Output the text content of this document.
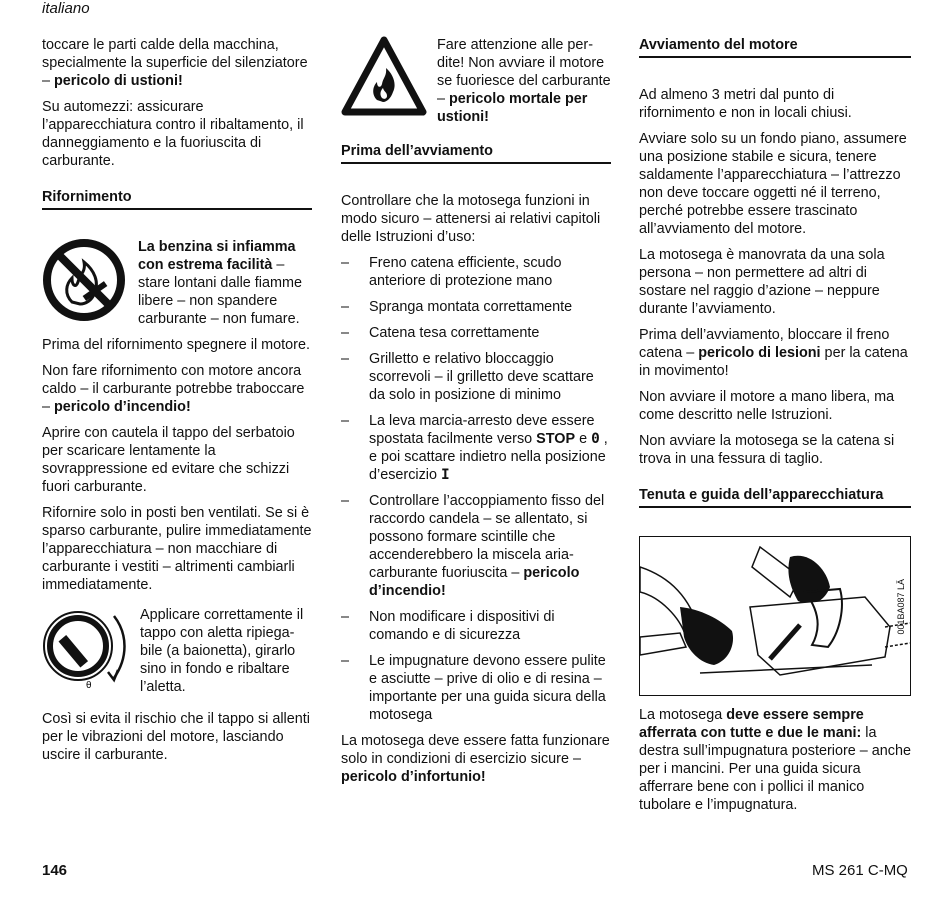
italiano

toccare le parti calde della macchina, specialmente la superficie del silenziatore – pericolo di ustioni!

Su automezzi: assicurare l’apparecchiatura contro il ribaltamento, il danneggiamento e la fuoriuscita di carburante.

Rifornimento
La benzina si infiamma con estrema facilità – stare lontani dalle fiamme libere – non spandere carburante – non fumare.

Prima del rifornimento spegnere il motore.

Non fare rifornimento con motore ancora caldo – il carburante potrebbe traboccare – pericolo d’incendio!

Aprire con cautela il tappo del serbatoio per scaricare lentamente la sovrappressione ed evitare che schizzi fuori carburante.

Rifornire solo in posti ben ventilati. Se si è sparso carburante, pulire immediatamente l’apparecchiatura – non macchiare di carburante i vestiti – altrimenti cambiarli immediatamente.

θ
Applicare correttamente il tappo con aletta ripiega-bile (a baionetta), girarlo sino in fondo e ribaltare l’aletta.

Così si evita il rischio che il tappo si allenti per le vibrazioni del motore, lasciando uscire il carburante.

Fare attenzione alle per-dite! Non avviare il motore se fuoriesce del carburante – pericolo mortale per ustioni!
Prima dell’avviamento

Controllare che la motosega funzioni in modo sicuro – attenersi ai relativi capitoli delle Istruzioni d’uso:

– Freno catena efficiente, scudo anteriore di protezione mano
– Spranga montata correttamente
– Catena tesa correttamente
– Grilletto e relativo bloccaggio scorrevoli – il grilletto deve scattare da solo in posizione di minimo
– La leva marcia-arresto deve essere spostata facilmente verso STOP e 0 , e poi scattare indietro nella posizione d’esercizio I
– Controllare l’accoppiamento fisso del raccordo candela – se allentato, si possono formare scintille che accenderebbero la miscela aria-carburante fuoriuscita – pericolo d’incendio!
– Non modificare i dispositivi di comando e di sicurezza
– Le impugnature devono essere pulite e asciutte – prive di olio e di resina – importante per una guida sicura della motosega

La motosega deve essere fatta funzionare solo in condizioni di esercizio sicure – pericolo d’infortunio!

Avviamento del motore

Ad almeno 3 metri dal punto di rifornimento e non in locali chiusi.

Avviare solo su un fondo piano, assumere una posizione stabile e sicura, tenere saldamente l’apparecchiatura – l’attrezzo non deve toccare oggetti né il terreno, perché potrebbe essere trascinato all’avviamento del motore.

La motosega è manovrata da una sola persona – non permettere ad altri di sostare nel raggio d’azione – neppure durante l’avviamento.

Prima dell’avviamento, bloccare il freno catena – pericolo di lesioni per la catena in movimento!

Non avviare il motore a mano libera, ma come descritto nelle Istruzioni.

Non avviare la motosega se la catena si trova in una fessura di taglio.

Tenuta e guida dell’apparecchiatura
001BA087 LÄ

La motosega deve essere sempre afferrata con tutte e due le mani: la destra sull’impugnatura posteriore – anche per i mancini. Per una guida sicura afferrare bene con i pollici il manico tubolare e l’impugnatura.

146	MS 261 C-MQ
